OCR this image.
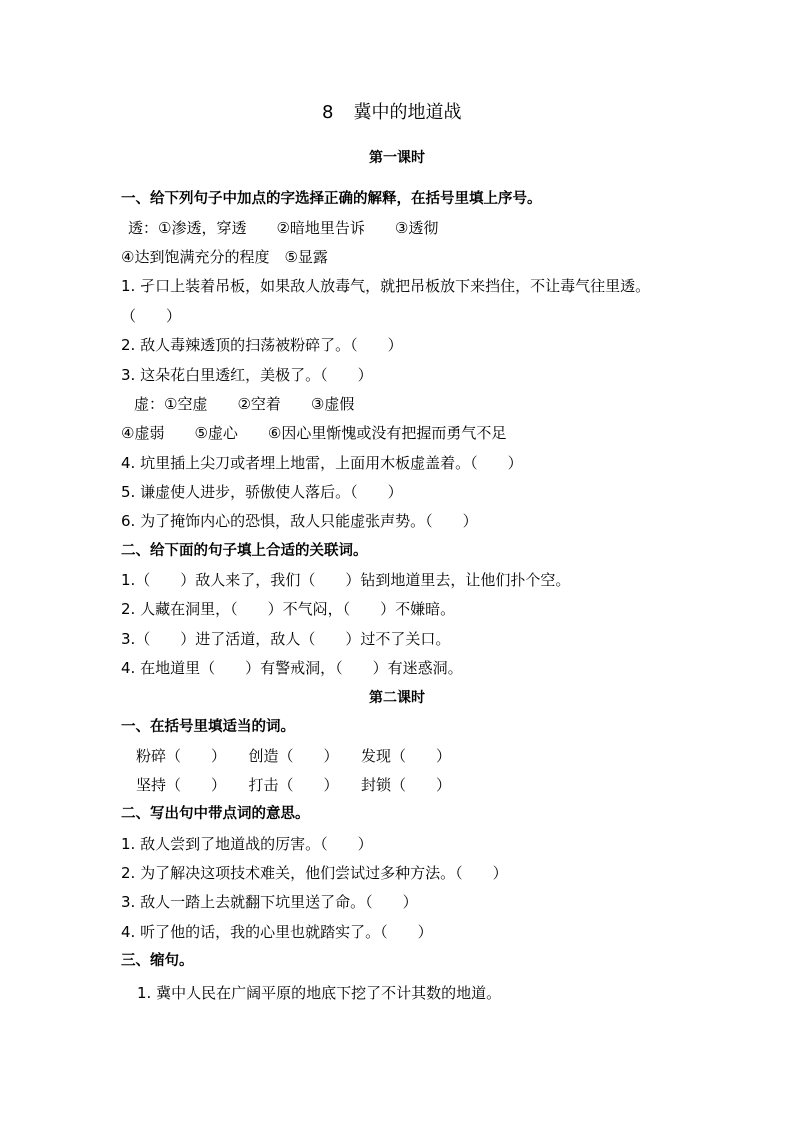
8 冀中的地道战
第一课时
一、给下列句子中加点的字选择正确的解释，在括号里填上序号。
透：①渗透，穿透　　②暗地里告诉　　③透彻
④达到饱满充分的程度　⑤显露
1. 孑口上装着吊板，如果敌人放毒气，就把吊板放下来挡住，不让毒气往里透。
（　　）
2. 敌人毒辣透顶的扫荡被粉碎了。（　　）
3. 这朵花白里透红，美极了。（　　）
虚：①空虚　　②空着　　③虚假
④虚弱　　⑤虚心　　⑥因心里惭愧或没有把握而勇气不足
4. 坑里插上尖刀或者埋上地雷，上面用木板虚盖着。（　　）
5. 谦虚使人进步，骄傲使人落后。（　　）
6. 为了掩饰内心的恐惧，敌人只能虚张声势。（　　）
二、给下面的句子填上合适的关联词。
1.（　　）敌人来了，我们（　　）钻到地道里去，让他们扑个空。
2. 人藏在洞里，（　　）不气闷，（　　）不嫌暗。
3.（　　）进了活道，敌人（　　）过不了关口。
4. 在地道里（　　）有警戒洞，（　　）有迷惑洞。
第二课时
一、在括号里填适当的词。
粉碎（　　）　　创造（　　）　　发现（　　）
坚持（　　）　　打击（　　）　　封锁（　　）
二、写出句中带点词的意思。
1. 敌人尝到了地道战的厉害。（　　）
2. 为了解决这项技术难关，他们尝试过多种方法。（　　）
3. 敌人一踏上去就翻下坑里送了命。（　　）
4. 听了他的话，我的心里也就踏实了。（　　）
三、缩句。
1. 冀中人民在广阔平原的地底下挖了不计其数的地道。
